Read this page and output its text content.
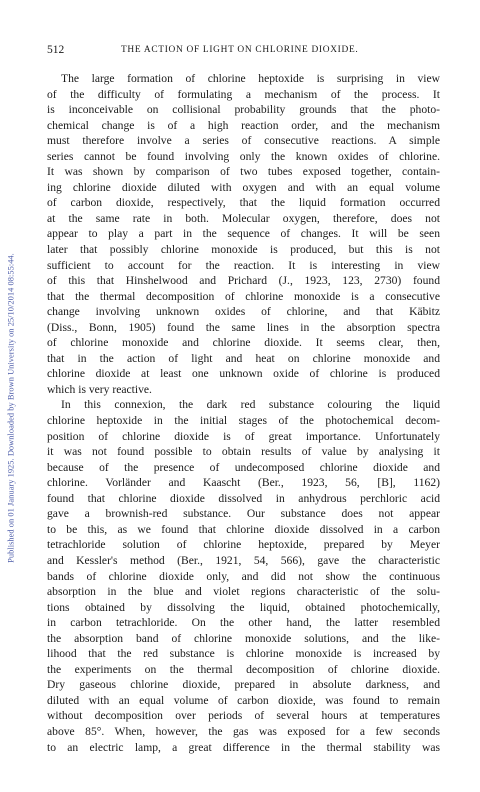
Published on 01 January 1925. Downloaded by Brown University on 25/10/2014 08:55:44.
512	THE ACTION OF LIGHT ON CHLORINE DIOXIDE.
The large formation of chlorine heptoxide is surprising in view
of the difficulty of formulating a mechanism of the process. It
is inconceivable on collisional probability grounds that the photo-
chemical change is of a high reaction order, and the mechanism
must therefore involve a series of consecutive reactions. A simple
series cannot be found involving only the known oxides of chlorine.
It was shown by comparison of two tubes exposed together, contain-
ing chlorine dioxide diluted with oxygen and with an equal volume
of carbon dioxide, respectively, that the liquid formation occurred
at the same rate in both. Molecular oxygen, therefore, does not
appear to play a part in the sequence of changes. It will be seen
later that possibly chlorine monoxide is produced, but this is not
sufficient to account for the reaction. It is interesting in view
of this that Hinshelwood and Prichard (J., 1923, 123, 2730) found
that the thermal decomposition of chlorine monoxide is a consecutive
change involving unknown oxides of chlorine, and that Käbitz
(Diss., Bonn, 1905) found the same lines in the absorption spectra
of chlorine monoxide and chlorine dioxide. It seems clear, then,
that in the action of light and heat on chlorine monoxide and
chlorine dioxide at least one unknown oxide of chlorine is produced
which is very reactive.
In this connexion, the dark red substance colouring the liquid
chlorine heptoxide in the initial stages of the photochemical decom-
position of chlorine dioxide is of great importance. Unfortunately
it was not found possible to obtain results of value by analysing it
because of the presence of undecomposed chlorine dioxide and
chlorine. Vorländer and Kaascht (Ber., 1923, 56, [B], 1162)
found that chlorine dioxide dissolved in anhydrous perchloric acid
gave a brownish-red substance. Our substance does not appear
to be this, as we found that chlorine dioxide dissolved in a carbon
tetrachloride solution of chlorine heptoxide, prepared by Meyer
and Kessler's method (Ber., 1921, 54, 566), gave the characteristic
bands of chlorine dioxide only, and did not show the continuous
absorption in the blue and violet regions characteristic of the solu-
tions obtained by dissolving the liquid, obtained photochemically,
in carbon tetrachloride. On the other hand, the latter resembled
the absorption band of chlorine monoxide solutions, and the like-
lihood that the red substance is chlorine monoxide is increased by
the experiments on the thermal decomposition of chlorine dioxide.
Dry gaseous chlorine dioxide, prepared in absolute darkness, and
diluted with an equal volume of carbon dioxide, was found to remain
without decomposition over periods of several hours at temperatures
above 85°. When, however, the gas was exposed for a few seconds
to an electric lamp, a great difference in the thermal stability was
